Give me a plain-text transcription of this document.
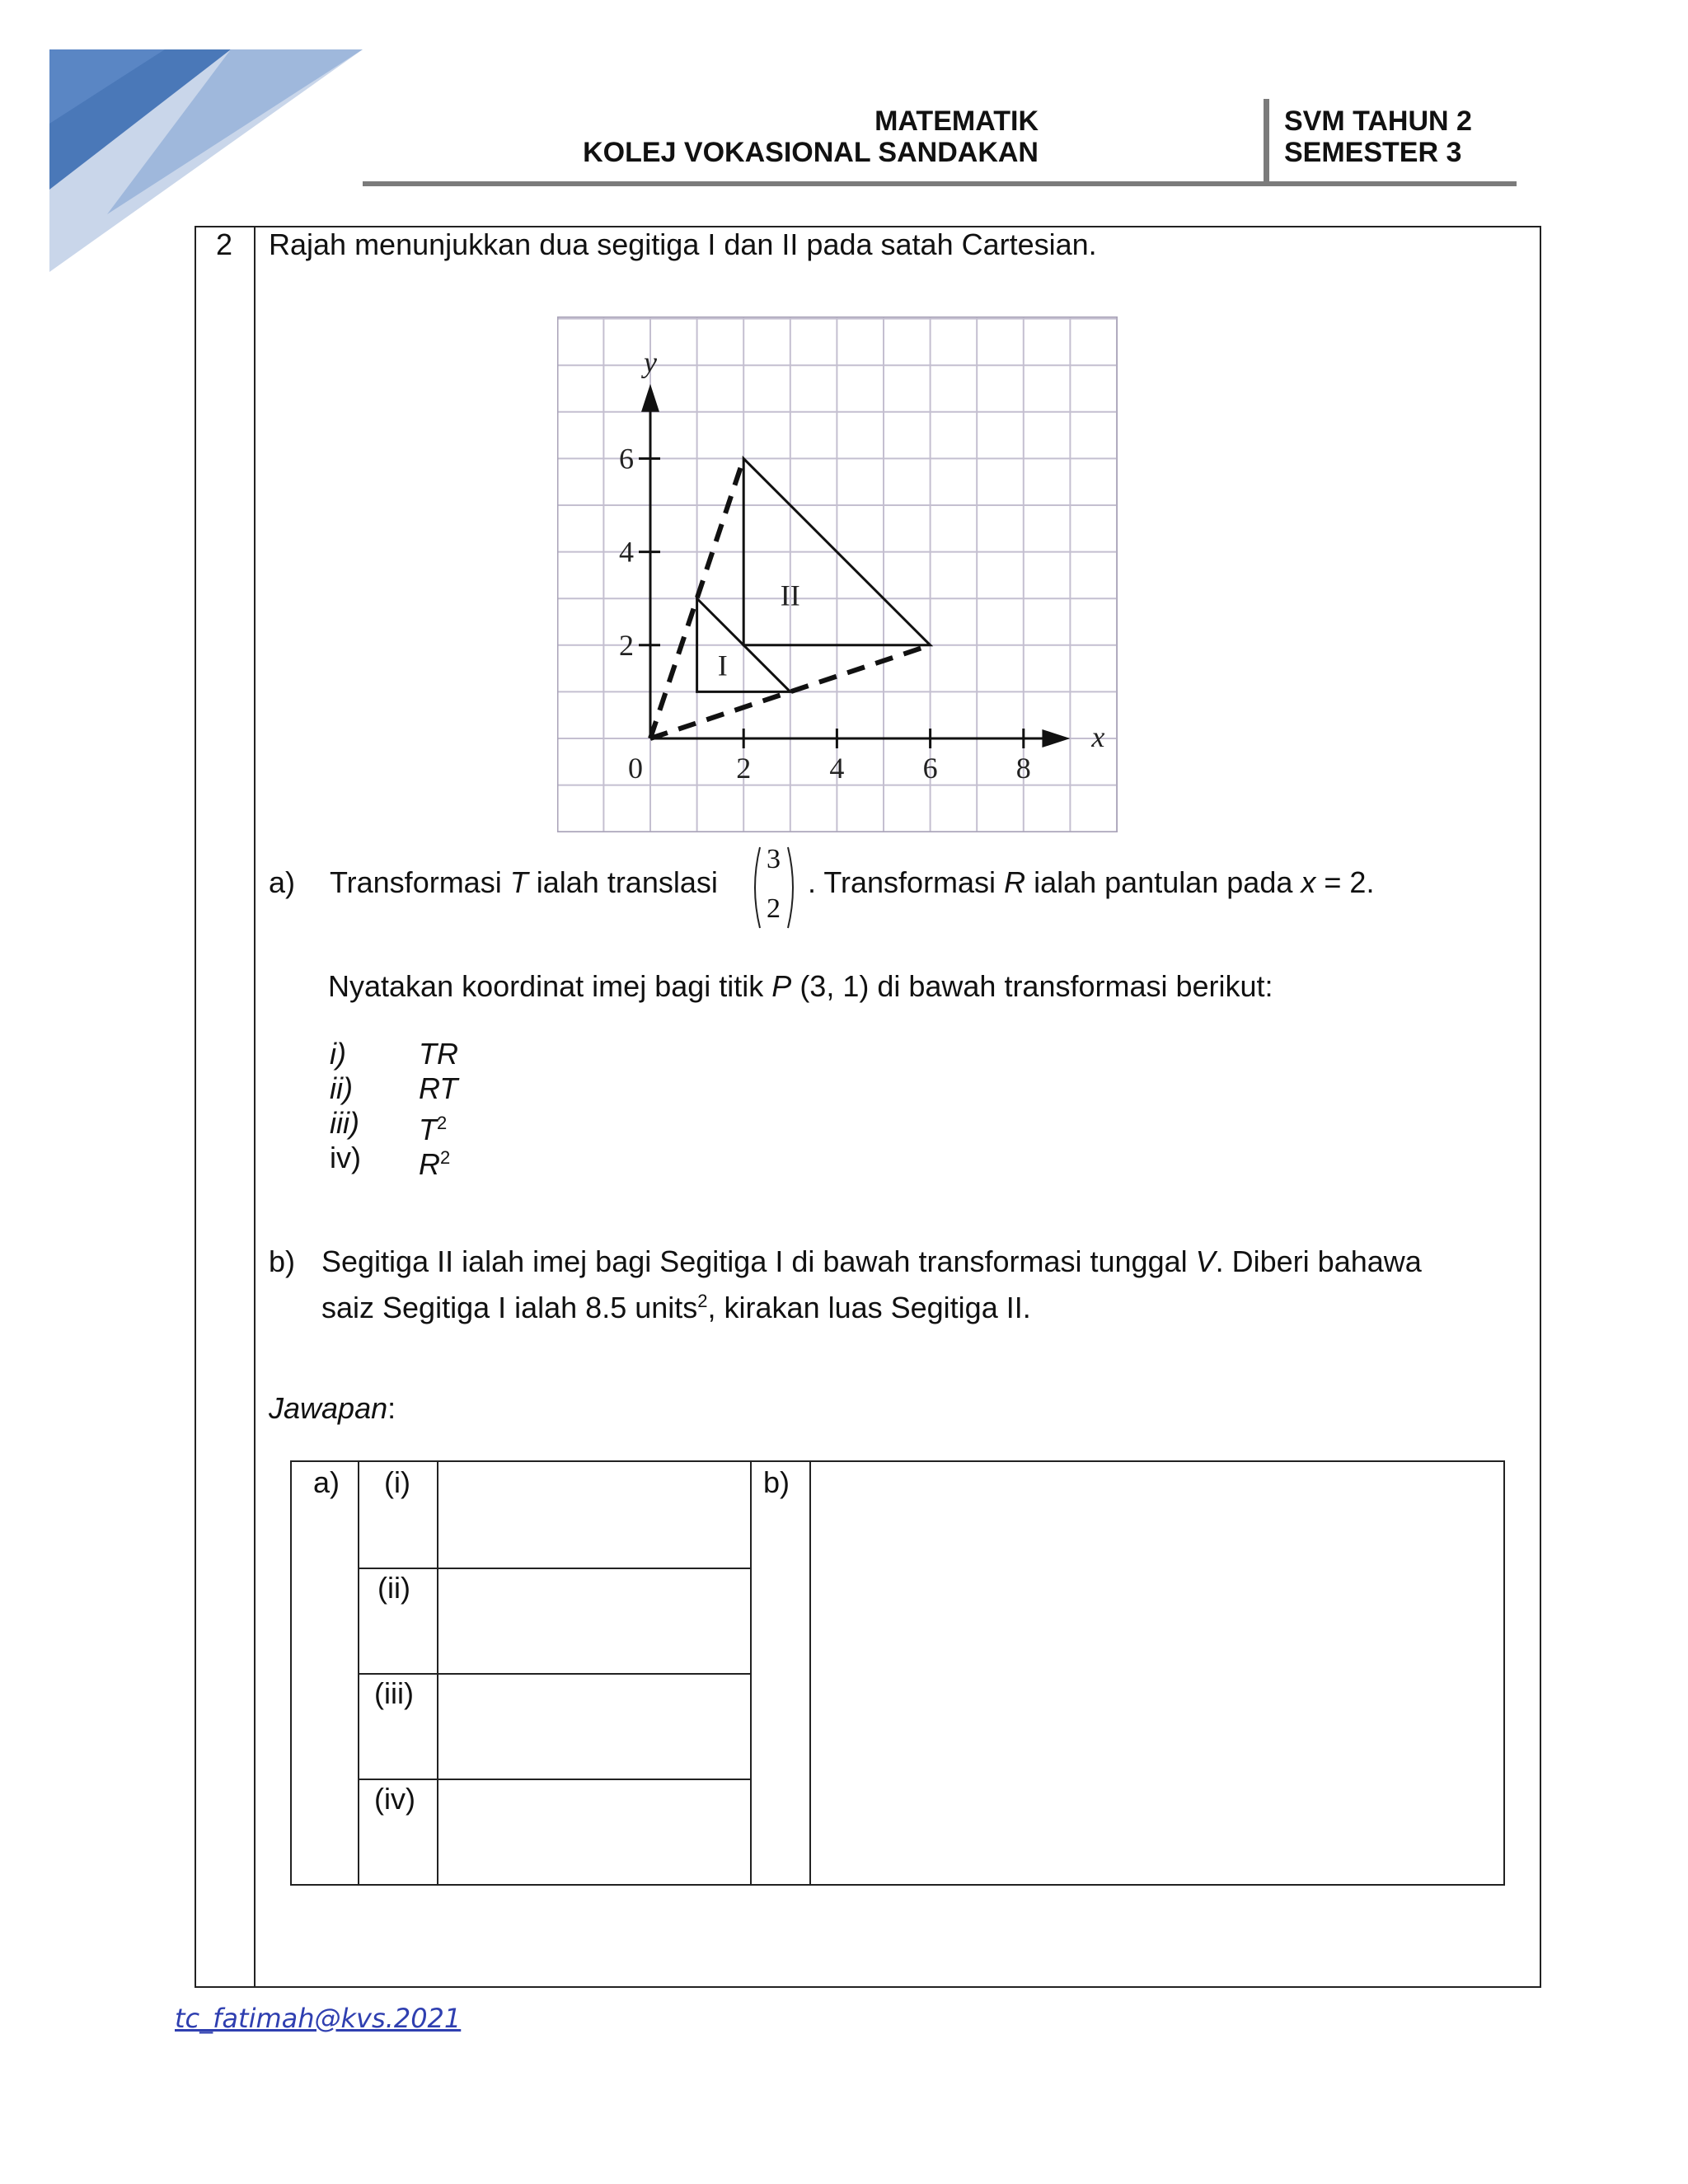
MATEMATIK
KOLEJ VOKASIONAL SANDAKAN
SVM TAHUN 2
SEMESTER 3
2 Rajah menunjukkan dua segitiga I dan II pada satah Cartesian.
2	4	6	8
2
4
6
0
x
y
I
II
a) Transformasi T ialah translasi
3
2
. Transformasi R ialah pantulan pada x = 2.
Nyatakan koordinat imej bagi titik P (3, 1) di bawah transformasi berikut:
i) TR
ii) RT
iii) $T^2$
iv) $R^2$
b) Segitiga II ialah imej bagi Segitiga I di bawah transformasi tunggal V. Diberi bahawa
saiz Segitiga I ialah 8.5 units$^2$, kirakan luas Segitiga II.
Jawapan:
a) (i)
(ii)
(iii)
(iv)
b)
tc_fatimah@kvs.2021
